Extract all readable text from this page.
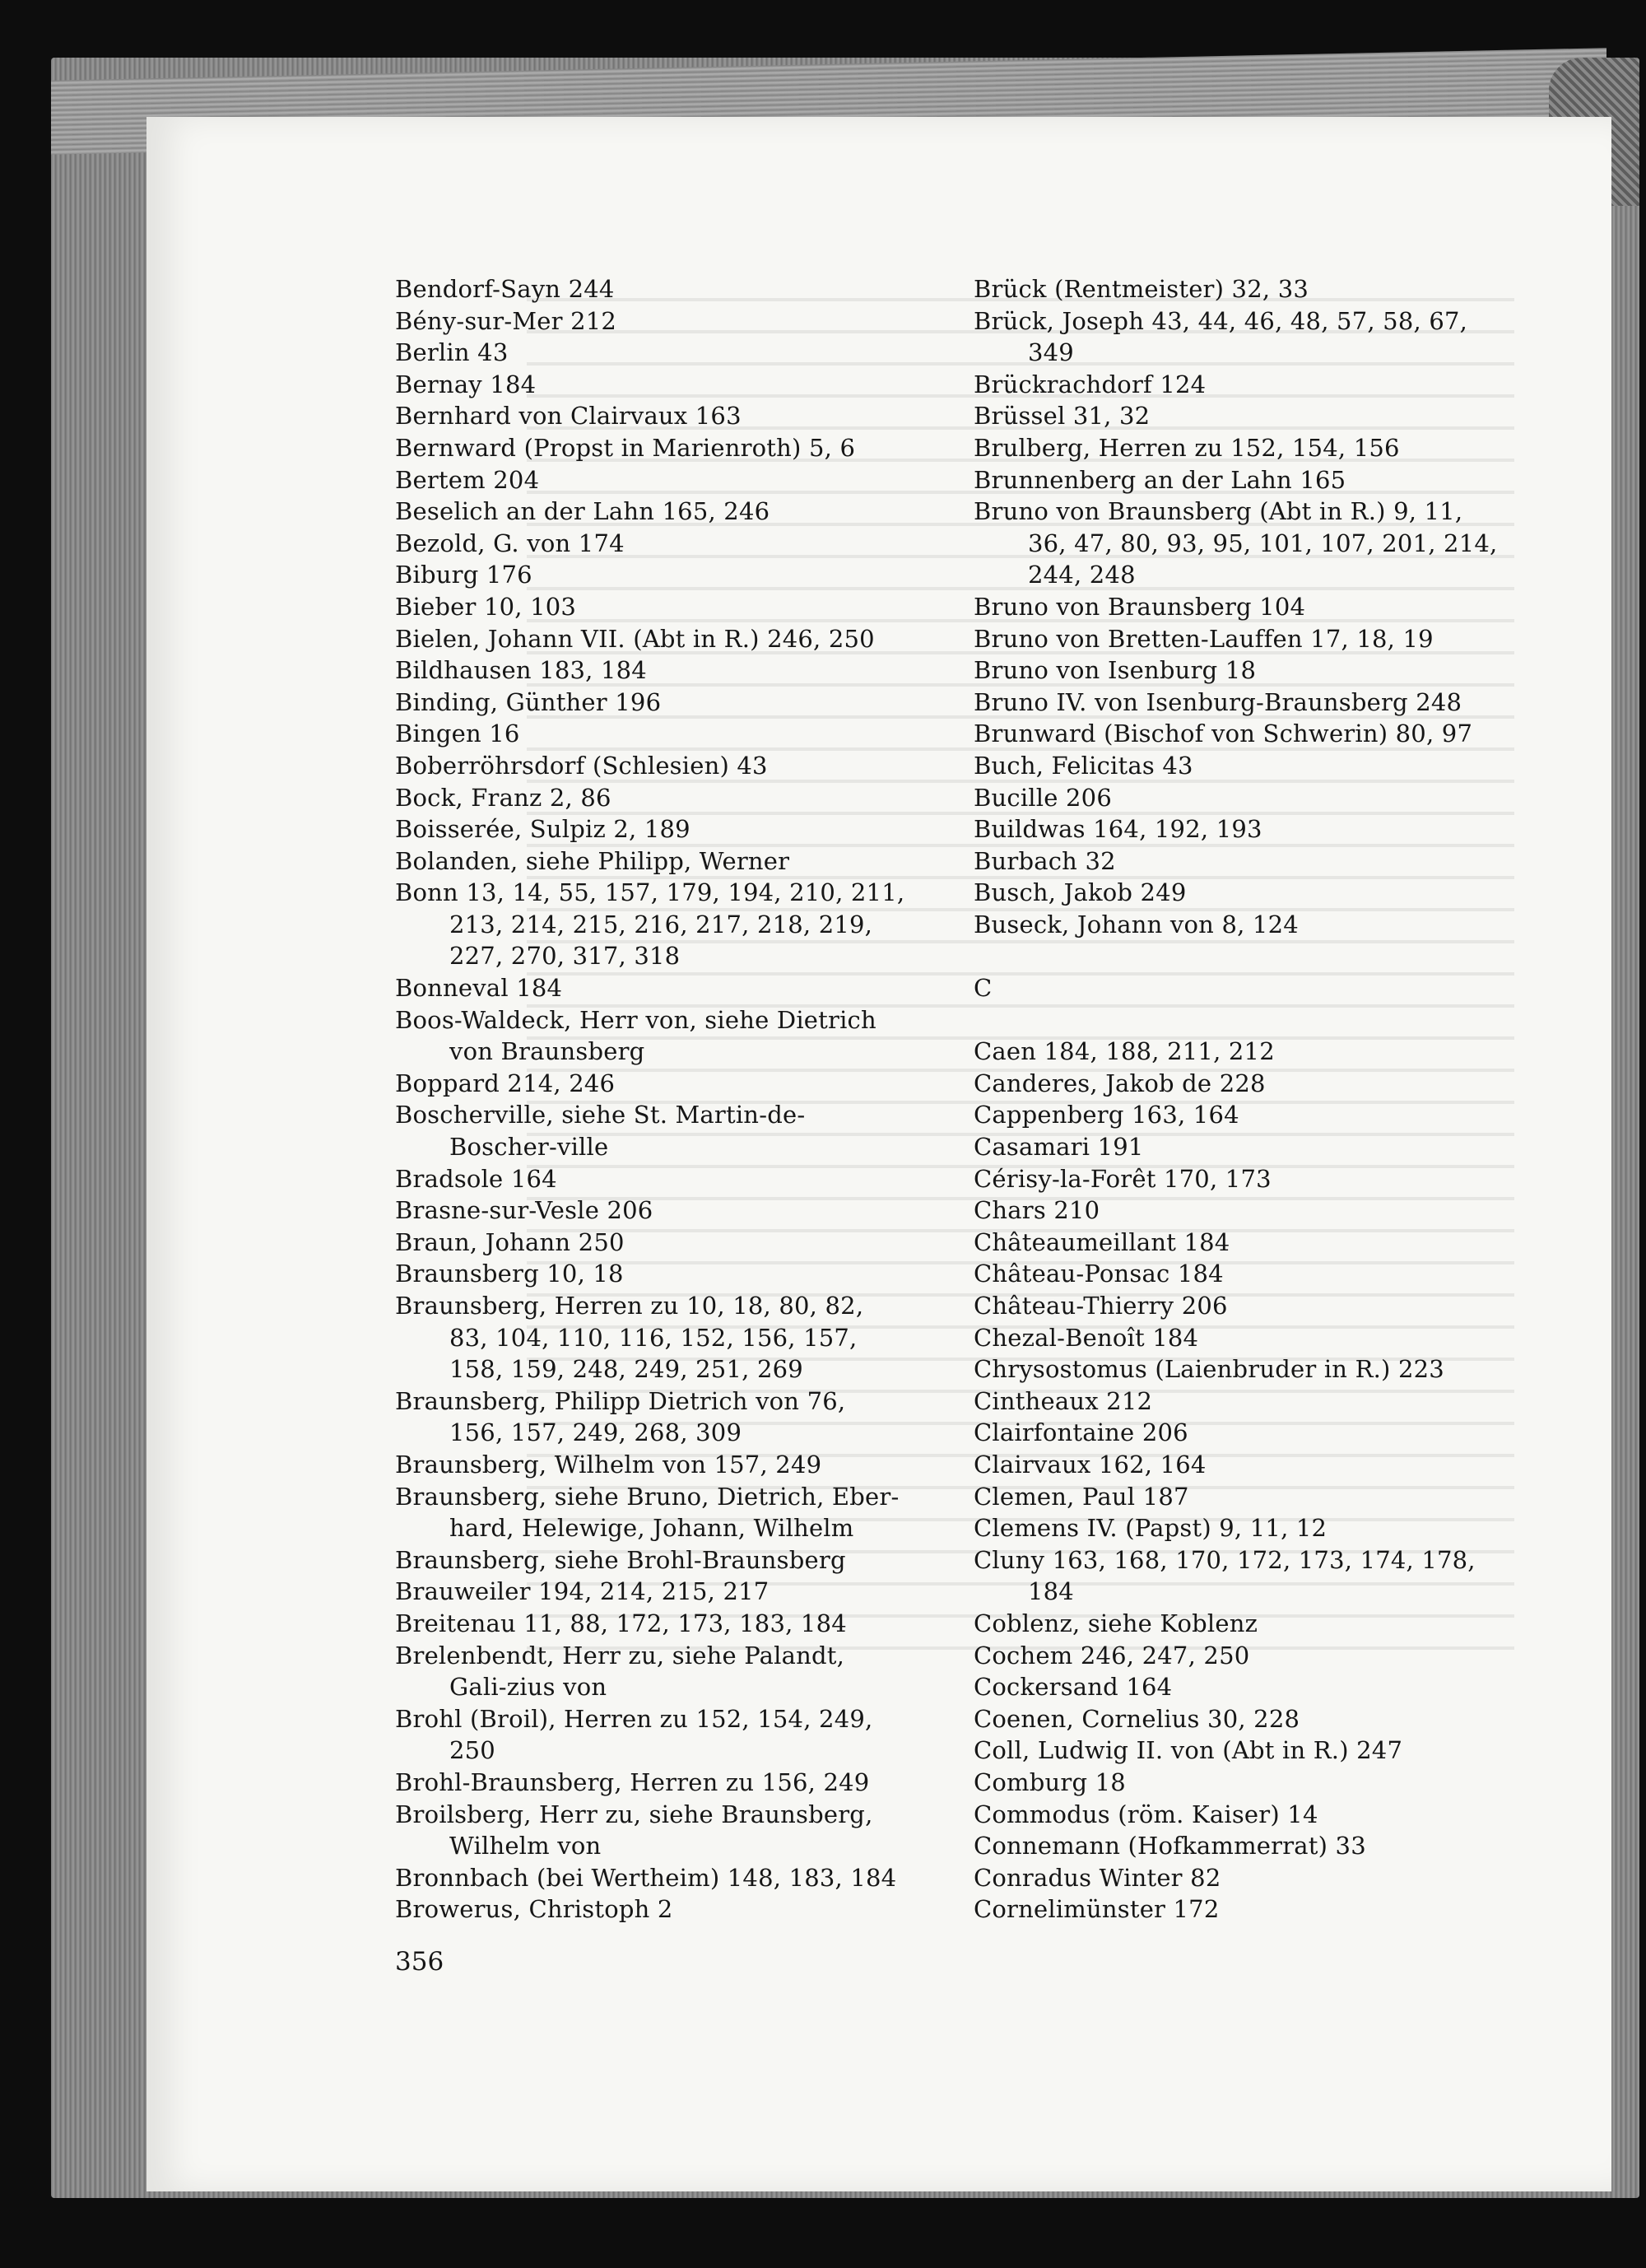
Bendorf-Sayn 244
Bény-sur-Mer 212
Berlin 43
Bernay 184
Bernhard von Clairvaux 163
Bernward (Propst in Marienroth) 5, 6
Bertem 204
Beselich an der Lahn 165, 246
Bezold, G. von 174
Biburg 176
Bieber 10, 103
Bielen, Johann VII. (Abt in R.) 246, 250
Bildhausen 183, 184
Binding, Günther 196
Bingen 16
Boberröhrsdorf (Schlesien) 43
Bock, Franz 2, 86
Boisserée, Sulpiz 2, 189
Bolanden, siehe Philipp, Werner
Bonn 13, 14, 55, 157, 179, 194, 210, 211, 213, 214, 215, 216, 217, 218, 219, 227, 270, 317, 318
Bonneval 184
Boos-Waldeck, Herr von, siehe Dietrich von Braunsberg
Boppard 214, 246
Boscherville, siehe St. Martin-de-Boscher-ville
Bradsole 164
Brasne-sur-Vesle 206
Braun, Johann 250
Braunsberg 10, 18
Braunsberg, Herren zu 10, 18, 80, 82, 83, 104, 110, 116, 152, 156, 157, 158, 159, 248, 249, 251, 269
Braunsberg, Philipp Dietrich von 76, 156, 157, 249, 268, 309
Braunsberg, Wilhelm von 157, 249
Braunsberg, siehe Bruno, Dietrich, Eber-hard, Helewige, Johann, Wilhelm
Braunsberg, siehe Brohl-Braunsberg
Brauweiler 194, 214, 215, 217
Breitenau 11, 88, 172, 173, 183, 184
Brelenbendt, Herr zu, siehe Palandt, Gali-zius von
Brohl (Broil), Herren zu 152, 154, 249, 250
Brohl-Braunsberg, Herren zu 156, 249
Broilsberg, Herr zu, siehe Braunsberg, Wilhelm von
Bronnbach (bei Wertheim) 148, 183, 184
Browerus, Christoph 2
Brück (Rentmeister) 32, 33
Brück, Joseph 43, 44, 46, 48, 57, 58, 67, 349
Brückrachdorf 124
Brüssel 31, 32
Brulberg, Herren zu 152, 154, 156
Brunnenberg an der Lahn 165
Bruno von Braunsberg (Abt in R.) 9, 11, 36, 47, 80, 93, 95, 101, 107, 201, 214, 244, 248
Bruno von Braunsberg 104
Bruno von Bretten-Lauffen 17, 18, 19
Bruno von Isenburg 18
Bruno IV. von Isenburg-Braunsberg 248
Brunward (Bischof von Schwerin) 80, 97
Buch, Felicitas 43
Bucille 206
Buildwas 164, 192, 193
Burbach 32
Busch, Jakob 249
Buseck, Johann von 8, 124
C
Caen 184, 188, 211, 212
Canderes, Jakob de 228
Cappenberg 163, 164
Casamari 191
Cérisy-la-Forêt 170, 173
Chars 210
Châteaumeillant 184
Château-Ponsac 184
Château-Thierry 206
Chezal-Benoît 184
Chrysostomus (Laienbruder in R.) 223
Cintheaux 212
Clairfontaine 206
Clairvaux 162, 164
Clemen, Paul 187
Clemens IV. (Papst) 9, 11, 12
Cluny 163, 168, 170, 172, 173, 174, 178, 184
Coblenz, siehe Koblenz
Cochem 246, 247, 250
Cockersand 164
Coenen, Cornelius 30, 228
Coll, Ludwig II. von (Abt in R.) 247
Comburg 18
Commodus (röm. Kaiser) 14
Connemann (Hofkammerrat) 33
Conradus Winter 82
Cornelimünster 172
356
